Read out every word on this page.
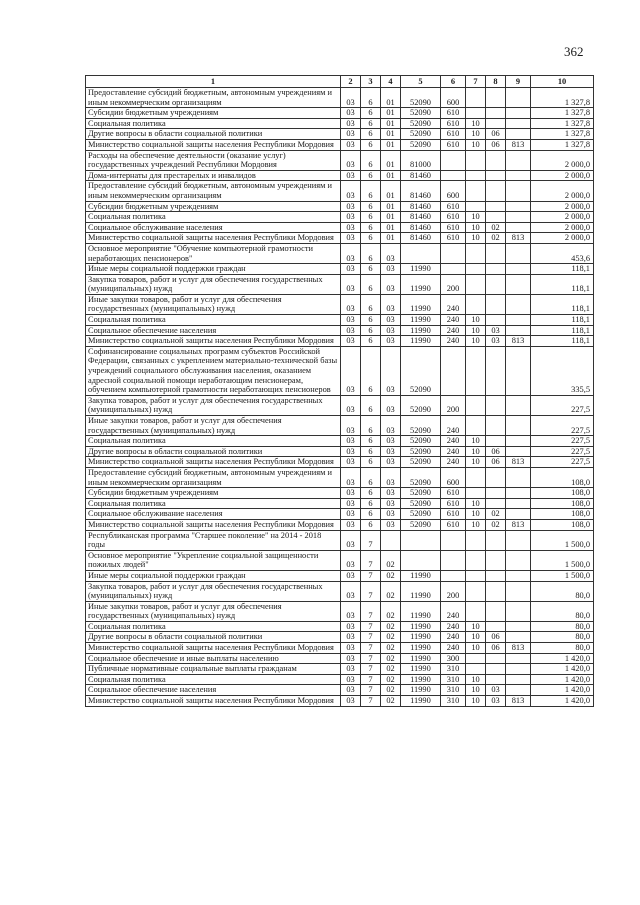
362
1	2	3	4	5	6	7	8	9	10
Предоставление субсидий бюджетным, автономным учреждениям и иным некоммерческим организациям	03	6	01	52090	600				1 327,8
Субсидии бюджетным учреждениям	03	6	01	52090	610				1 327,8
Социальная политика	03	6	01	52090	610	10			1 327,8
Другие вопросы в области социальной политики	03	6	01	52090	610	10	06		1 327,8
Министерство социальной защиты населения Республики Мордовия	03	6	01	52090	610	10	06	813	1 327,8
Расходы на обеспечение деятельности (оказание услуг) государственных учреждений Республики Мордовия	03	6	01	81000					2 000,0
Дома-интернаты для престарелых и инвалидов	03	6	01	81460					2 000,0
Предоставление субсидий бюджетным, автономным учреждениям и иным некоммерческим организациям	03	6	01	81460	600				2 000,0
Субсидии бюджетным учреждениям	03	6	01	81460	610				2 000,0
Социальная политика	03	6	01	81460	610	10			2 000,0
Социальное обслуживание населения	03	6	01	81460	610	10	02		2 000,0
Министерство социальной защиты населения Республики Мордовия	03	6	01	81460	610	10	02	813	2 000,0
Основное мероприятие "Обучение компьютерной грамотности неработающих пенсионеров"	03	6	03						453,6
Иные меры социальной поддержки граждан	03	6	03	11990					118,1
Закупка товаров, работ и услуг для обеспечения государственных (муниципальных) нужд	03	6	03	11990	200				118,1
Иные закупки товаров, работ и услуг для обеспечения государственных (муниципальных) нужд	03	6	03	11990	240				118,1
Социальная политика	03	6	03	11990	240	10			118,1
Социальное обеспечение населения	03	6	03	11990	240	10	03		118,1
Министерство социальной защиты населения Республики Мордовия	03	6	03	11990	240	10	03	813	118,1
Софинансирование социальных программ субъектов Российской Федерации, связанных с укреплением материально-технической базы учреждений социального обслуживания населения, оказанием адресной социальной помощи неработающим пенсионерам, обучением компьютерной грамотности неработающих пенсионеров	03	6	03	52090					335,5
Закупка товаров, работ и услуг для обеспечения государственных (муниципальных) нужд	03	6	03	52090	200				227,5
Иные закупки товаров, работ и услуг для обеспечения государственных (муниципальных) нужд	03	6	03	52090	240				227,5
Социальная политика	03	6	03	52090	240	10			227,5
Другие вопросы в области социальной политики	03	6	03	52090	240	10	06		227,5
Министерство социальной защиты населения Республики Мордовия	03	6	03	52090	240	10	06	813	227,5
Предоставление субсидий бюджетным, автономным учреждениям и иным некоммерческим организациям	03	6	03	52090	600				108,0
Субсидии бюджетным учреждениям	03	6	03	52090	610				108,0
Социальная политика	03	6	03	52090	610	10			108,0
Социальное обслуживание населения	03	6	03	52090	610	10	02		108,0
Министерство социальной защиты населения Республики Мордовия	03	6	03	52090	610	10	02	813	108,0
Республиканская программа "Старшее поколение" на 2014 - 2018 годы	03	7							1 500,0
Основное мероприятие "Укрепление социальной защищенности пожилых людей"	03	7	02						1 500,0
Иные меры социальной поддержки граждан	03	7	02	11990					1 500,0
Закупка товаров, работ и услуг для обеспечения государственных (муниципальных) нужд	03	7	02	11990	200				80,0
Иные закупки товаров, работ и услуг для обеспечения государственных (муниципальных) нужд	03	7	02	11990	240				80,0
Социальная политика	03	7	02	11990	240	10			80,0
Другие вопросы в области социальной политики	03	7	02	11990	240	10	06		80,0
Министерство социальной защиты населения Республики Мордовия	03	7	02	11990	240	10	06	813	80,0
Социальное обеспечение и иные выплаты населению	03	7	02	11990	300				1 420,0
Публичные нормативные социальные выплаты гражданам	03	7	02	11990	310				1 420,0
Социальная политика	03	7	02	11990	310	10			1 420,0
Социальное обеспечение населения	03	7	02	11990	310	10	03		1 420,0
Министерство социальной защиты населения Республики Мордовия	03	7	02	11990	310	10	03	813	1 420,0
